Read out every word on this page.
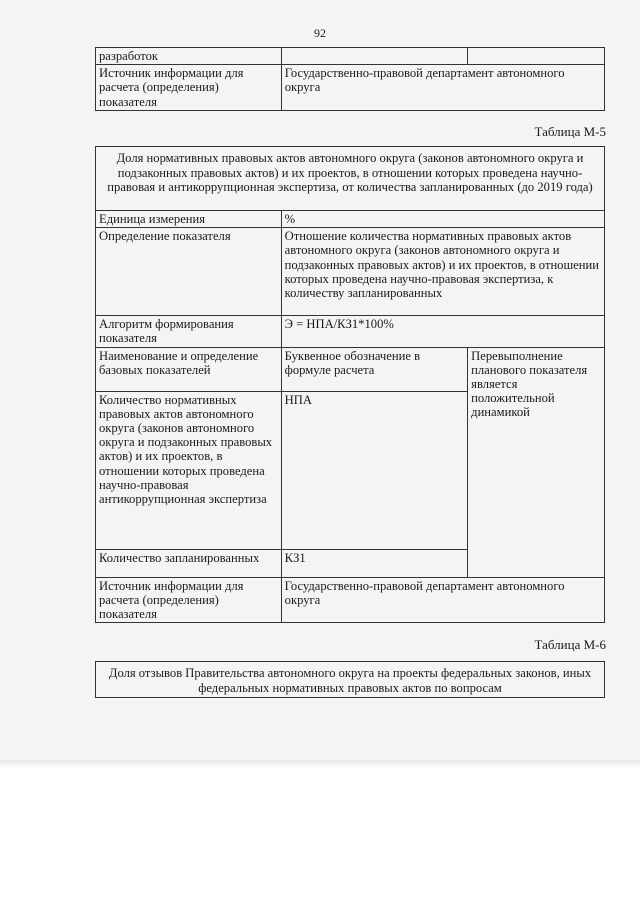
92
разработок		
Источник информации для расчета (определения) показателя	Государственно-правовой департамент автономного округа	
Таблица М-5
Доля нормативных правовых актов автономного округа (законов автономного округа и подзаконных правовых актов) и их проектов, в отношении которых проведена научно-правовая и антикоррупционная экспертиза, от количества запланированных (до 2019 года)		
Единица измерения	%	
Определение показателя	Отношение количества нормативных правовых актов автономного округа (законов автономного округа и подзаконных правовых актов) и их проектов, в отношении которых проведена научно-правовая экспертиза, к количеству запланированных	
Алгоритм формирования показателя	Э = НПА/КЗ1*100%	
Наименование и определение базовых показателей	Буквенное обозначение в формуле расчета	Перевыполнение планового показателя является положительной динамикой
Количество нормативных правовых актов автономного округа (законов автономного округа и подзаконных правовых актов) и их проектов, в отношении которых проведена научно-правовая антикоррупционная экспертиза	НПА	
Количество запланированных	КЗ1	
Источник информации для расчета (определения) показателя	Государственно-правовой департамент автономного округа	
Таблица М-6
Доля отзывов Правительства автономного округа на проекты федеральных законов, иных федеральных нормативных правовых актов по вопросам
